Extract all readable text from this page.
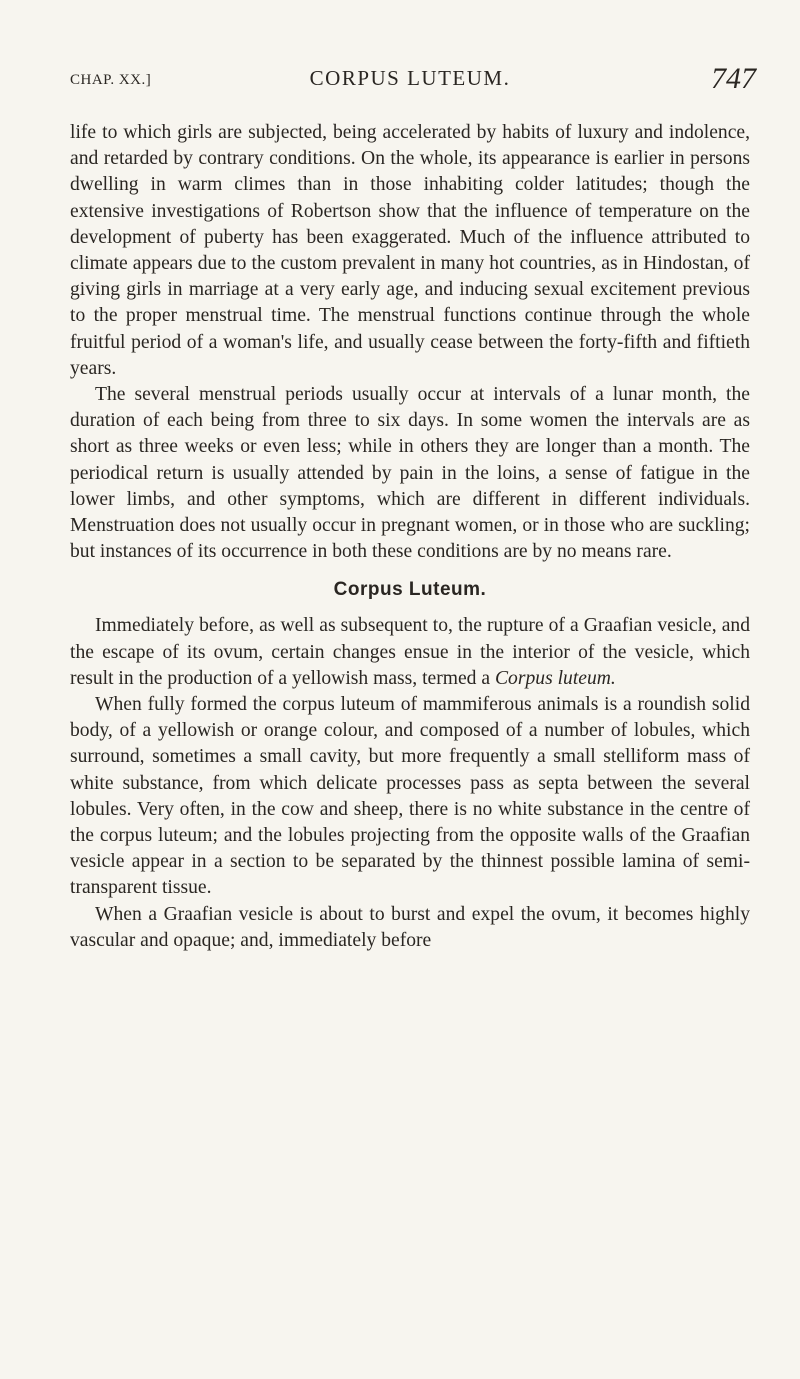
CHAP. XX.]	CORPUS LUTEUM.	747

life to which girls are subjected, being accelerated by habits of luxury and indolence, and retarded by contrary conditions. On the whole, its appearance is earlier in persons dwelling in warm climes than in those inhabiting colder latitudes; though the extensive investigations of Robertson show that the influence of temperature on the development of puberty has been exaggerated. Much of the influence attributed to climate appears due to the custom prevalent in many hot countries, as in Hindostan, of giving girls in marriage at a very early age, and inducing sexual excitement previous to the proper menstrual time. The menstrual functions continue through the whole fruitful period of a woman's life, and usually cease between the forty-fifth and fiftieth years.

The several menstrual periods usually occur at intervals of a lunar month, the duration of each being from three to six days. In some women the intervals are as short as three weeks or even less; while in others they are longer than a month. The periodical return is usually attended by pain in the loins, a sense of fatigue in the lower limbs, and other symptoms, which are different in different individuals. Menstruation does not usually occur in pregnant women, or in those who are suckling; but instances of its occurrence in both these conditions are by no means rare.

Corpus Luteum.

Immediately before, as well as subsequent to, the rupture of a Graafian vesicle, and the escape of its ovum, certain changes ensue in the interior of the vesicle, which result in the production of a yellowish mass, termed a Corpus luteum.

When fully formed the corpus luteum of mammiferous animals is a roundish solid body, of a yellowish or orange colour, and composed of a number of lobules, which surround, sometimes a small cavity, but more frequently a small stelliform mass of white substance, from which delicate processes pass as septa between the several lobules. Very often, in the cow and sheep, there is no white substance in the centre of the corpus luteum; and the lobules projecting from the opposite walls of the Graafian vesicle appear in a section to be separated by the thinnest possible lamina of semi-transparent tissue.

When a Graafian vesicle is about to burst and expel the ovum, it becomes highly vascular and opaque; and, immediately before
